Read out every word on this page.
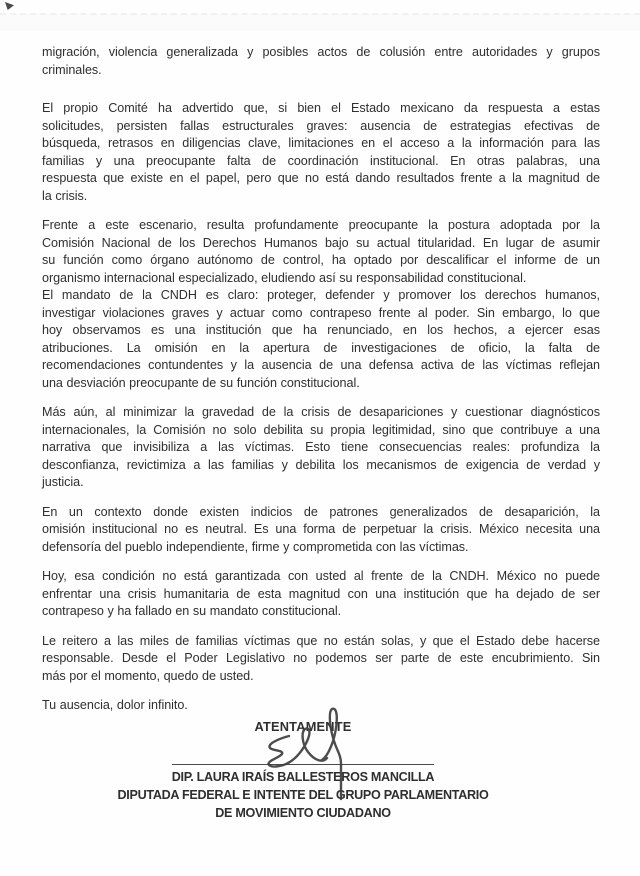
migración, violencia generalizada y posibles actos de colusión entre autoridades y grupos
criminales.
El propio Comité ha advertido que, si bien el Estado mexicano da respuesta a estas
solicitudes, persisten fallas estructurales graves: ausencia de estrategias efectivas de
búsqueda, retrasos en diligencias clave, limitaciones en el acceso a la información para las
familias y una preocupante falta de coordinación institucional. En otras palabras, una
respuesta que existe en el papel, pero que no está dando resultados frente a la magnitud de
la crisis.
Frente a este escenario, resulta profundamente preocupante la postura adoptada por la
Comisión Nacional de los Derechos Humanos bajo su actual titularidad. En lugar de asumir
su función como órgano autónomo de control, ha optado por descalificar el informe de un
organismo internacional especializado, eludiendo así su responsabilidad constitucional.
El mandato de la CNDH es claro: proteger, defender y promover los derechos humanos,
investigar violaciones graves y actuar como contrapeso frente al poder. Sin embargo, lo que
hoy observamos es una institución que ha renunciado, en los hechos, a ejercer esas
atribuciones. La omisión en la apertura de investigaciones de oficio, la falta de
recomendaciones contundentes y la ausencia de una defensa activa de las víctimas reflejan
una desviación preocupante de su función constitucional.
Más aún, al minimizar la gravedad de la crisis de desapariciones y cuestionar diagnósticos
internacionales, la Comisión no solo debilita su propia legitimidad, sino que contribuye a una
narrativa que invisibiliza a las víctimas. Esto tiene consecuencias reales: profundiza la
desconfianza, revictimiza a las familias y debilita los mecanismos de exigencia de verdad y
justicia.
En un contexto donde existen indicios de patrones generalizados de desaparición, la
omisión institucional no es neutral. Es una forma de perpetuar la crisis. México necesita una
defensoría del pueblo independiente, firme y comprometida con las víctimas.
Hoy, esa condición no está garantizada con usted al frente de la CNDH. México no puede
enfrentar una crisis humanitaria de esta magnitud con una institución que ha dejado de ser
contrapeso y ha fallado en su mandato constitucional.
Le reitero a las miles de familias víctimas que no están solas, y que el Estado debe hacerse
responsable. Desde el Poder Legislativo no podemos ser parte de este encubrimiento. Sin
más por el momento, quedo de usted.
Tu ausencia, dolor infinito.
ATENTAMENTE
DIP. LAURA IRAÍS BALLESTEROS MANCILLA
DIPUTADA FEDERAL E INTENTE DEL GRUPO PARLAMENTARIO
DE MOVIMIENTO CIUDADANO
